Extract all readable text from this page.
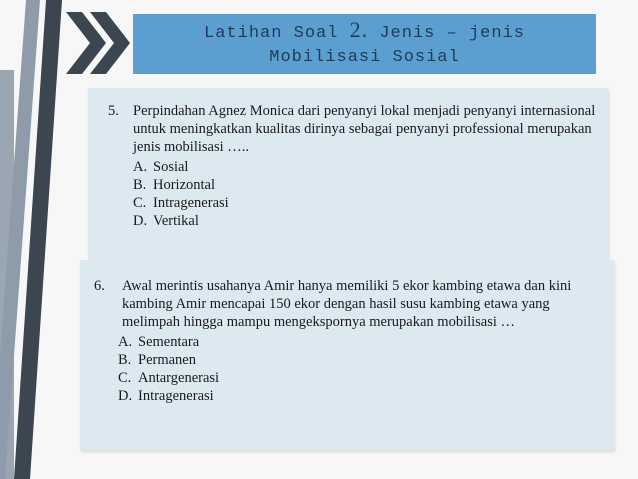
Latihan Soal 2. Jenis – jenis
Mobilisasi Sosial
5. Perpindahan Agnez Monica dari penyanyi lokal menjadi penyanyi internasional untuk meningkatkan kualitas dirinya sebagai penyanyi professional merupakan jenis mobilisasi …..
A. Sosial
B. Horizontal
C. Intragenerasi
D. Vertikal
6.	Awal merintis usahanya Amir hanya memiliki 5 ekor kambing etawa dan kini kambing Amir mencapai 150 ekor dengan hasil susu kambing etawa yang melimpah hingga mampu mengekspornya merupakan mobilisasi …
A. Sementara
B. Permanen
C. Antargenerasi
D. Intragenerasi
